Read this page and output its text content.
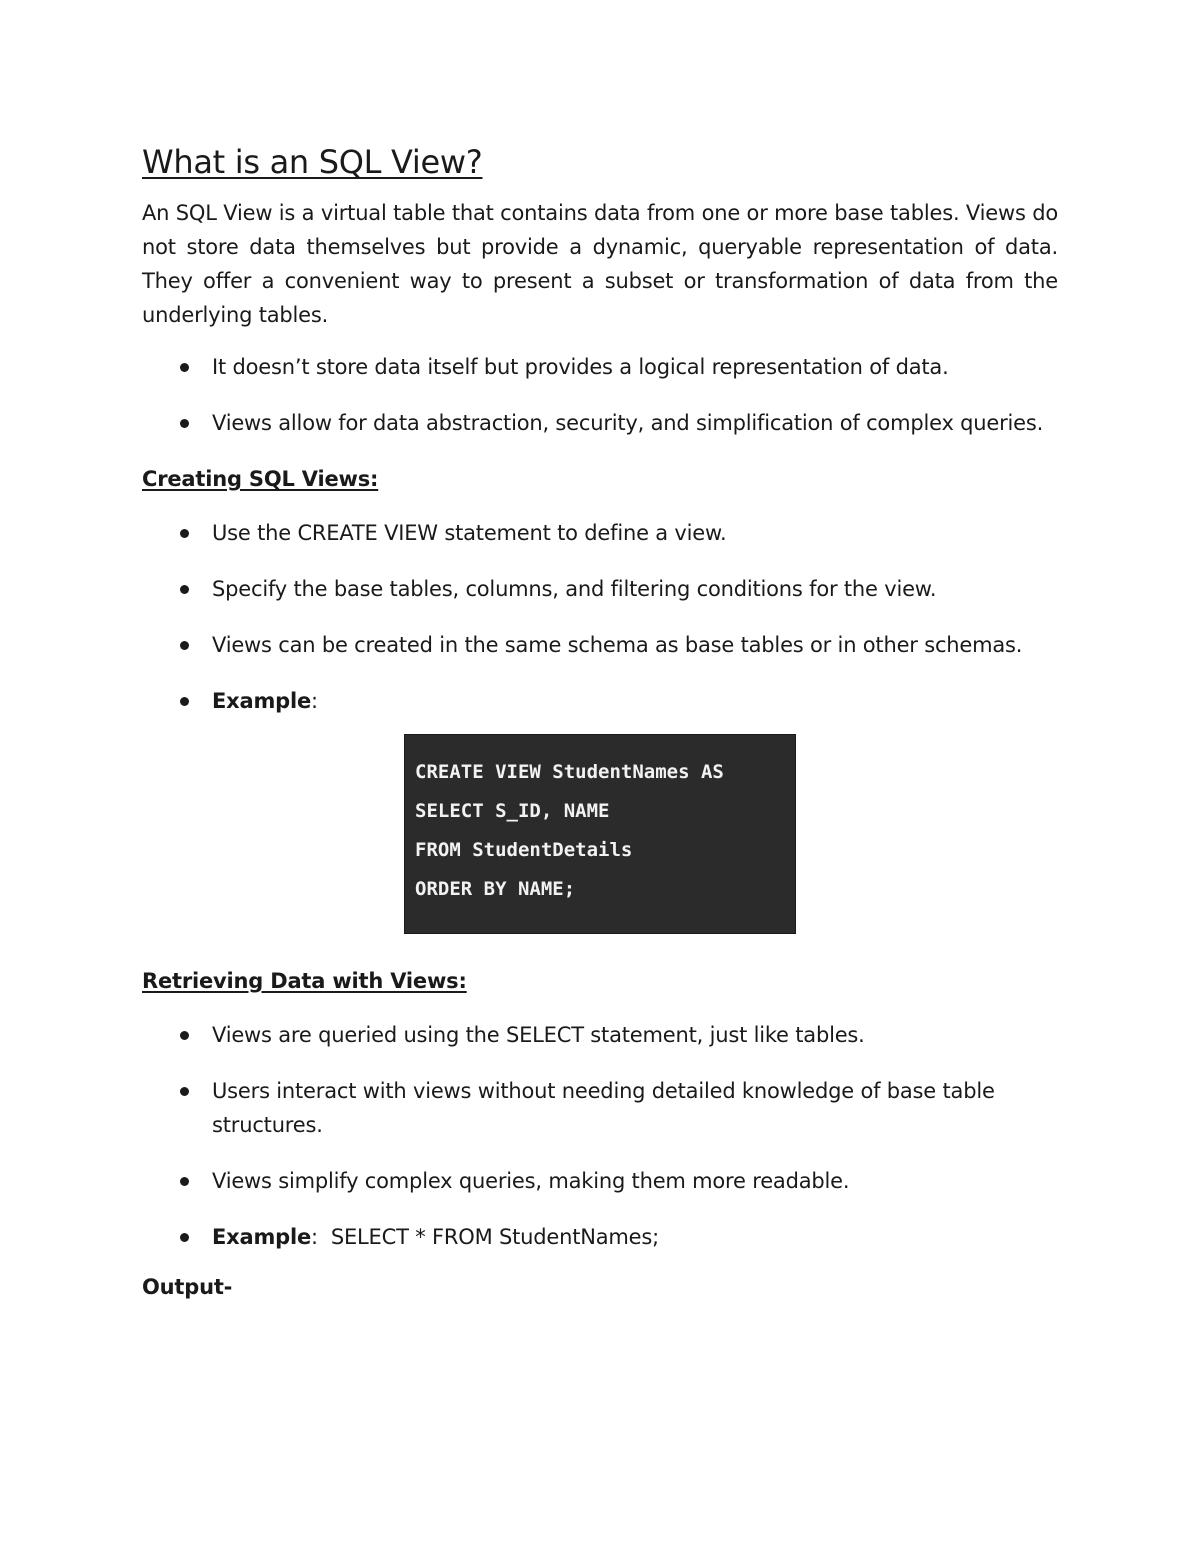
What is an SQL View?

An SQL View is a virtual table that contains data from one or more base tables. Views do not store data themselves but provide a dynamic, queryable representation of data. They offer a convenient way to present a subset or transformation of data from the underlying tables.

It doesn’t store data itself but provides a logical representation of data.
Views allow for data abstraction, security, and simplification of complex queries.
Creating SQL Views:
Use the CREATE VIEW statement to define a view.
Specify the base tables, columns, and filtering conditions for the view.
Views can be created in the same schema as base tables or in other schemas.
Example:
CREATE VIEW StudentNames AS
SELECT S_ID, NAME
FROM StudentDetails
ORDER BY NAME;
Retrieving Data with Views:
Views are queried using the SELECT statement, just like tables.
Users interact with views without needing detailed knowledge of base table structures.
Views simplify complex queries, making them more readable.
Example:  SELECT * FROM StudentNames;
Output-
